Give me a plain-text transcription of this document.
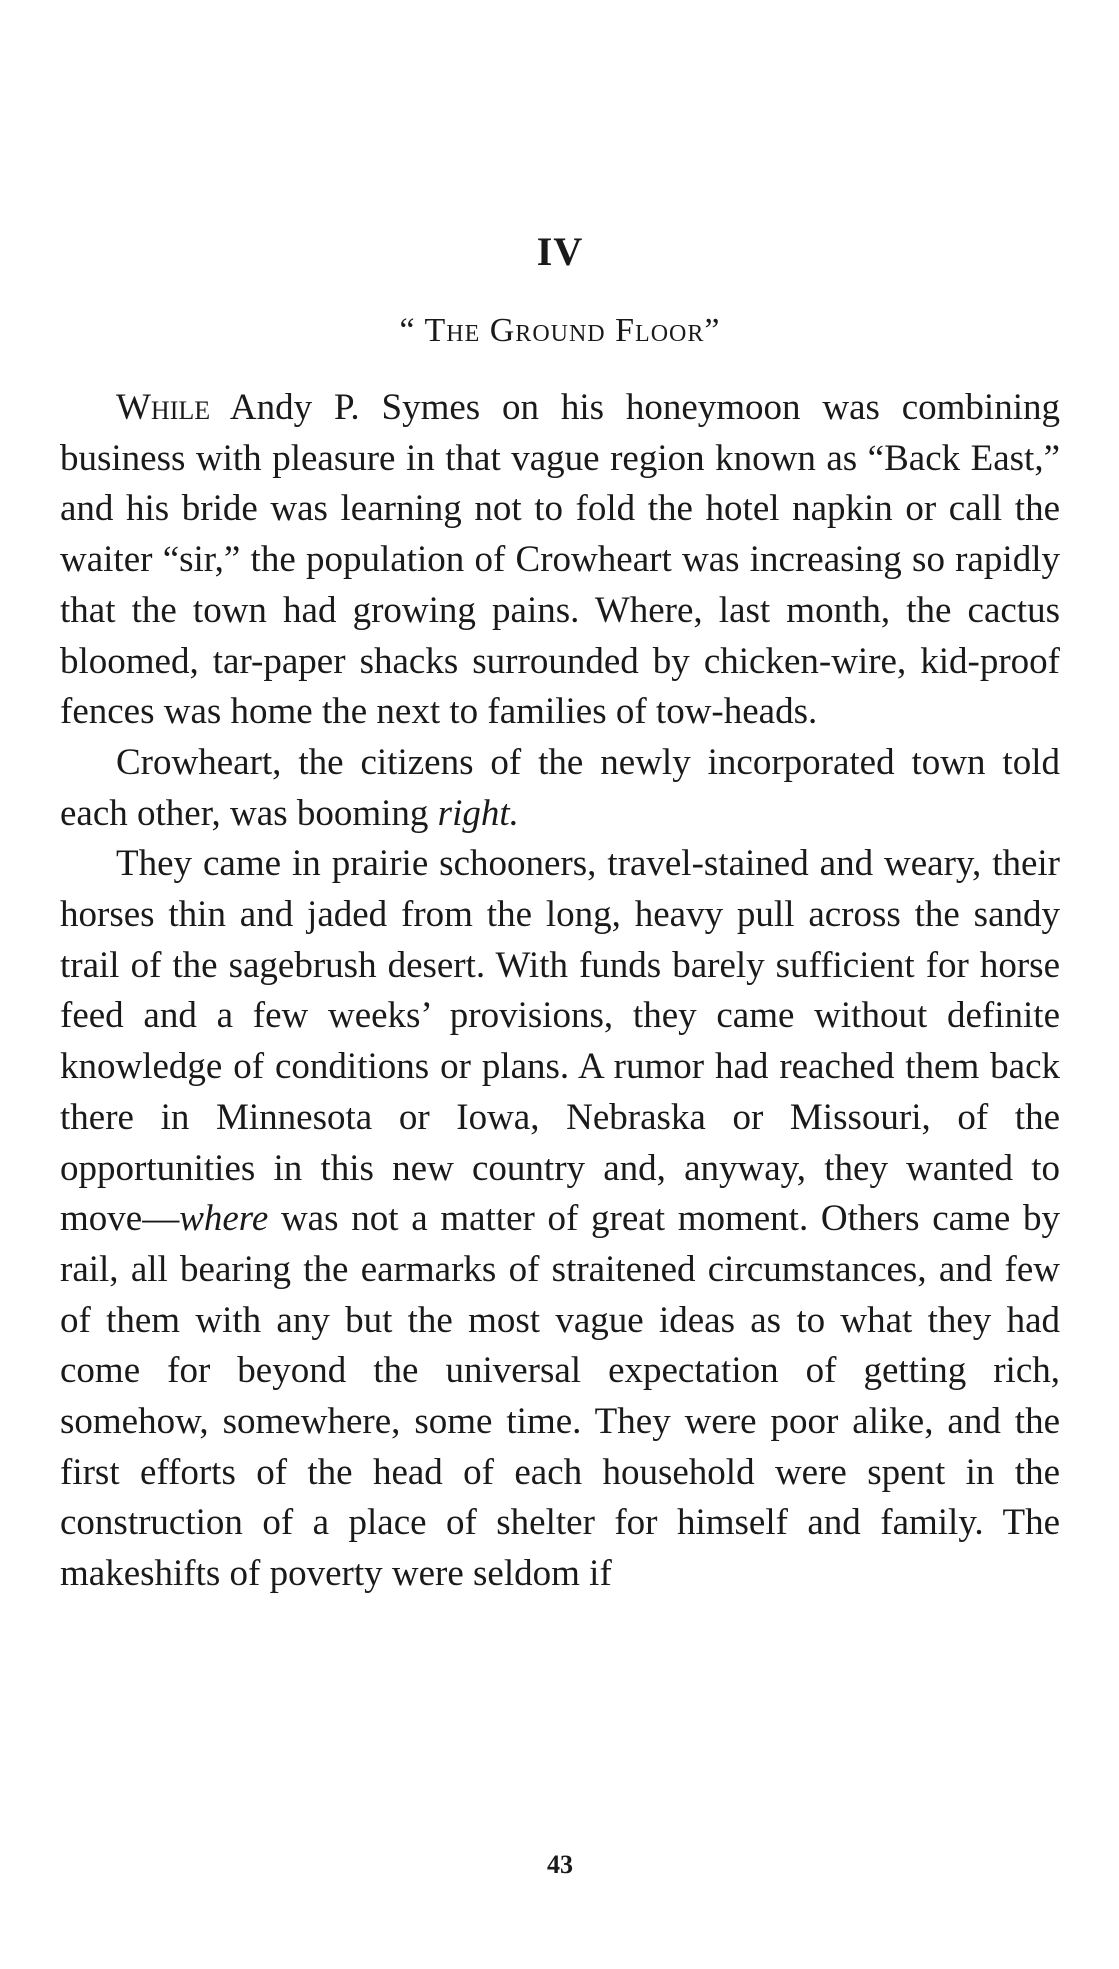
IV
“ The Ground Floor”

While Andy P. Symes on his honeymoon was combining business with pleasure in that vague region known as “Back East,” and his bride was learning not to fold the hotel napkin or call the waiter “sir,” the population of Crowheart was increasing so rapidly that the town had growing pains. Where, last month, the cactus bloomed, tar-paper shacks surrounded by chicken-wire, kid-proof fences was home the next to families of tow-heads.

Crowheart, the citizens of the newly incorporated town told each other, was booming right.

They came in prairie schooners, travel-stained and weary, their horses thin and jaded from the long, heavy pull across the sandy trail of the sagebrush desert. With funds barely sufficient for horse feed and a few weeks’ provisions, they came without definite knowledge of conditions or plans. A rumor had reached them back there in Minnesota or Iowa, Nebraska or Missouri, of the opportunities in this new country and, anyway, they wanted to move—where was not a matter of great moment. Others came by rail, all bearing the earmarks of straitened circumstances, and few of them with any but the most vague ideas as to what they had come for beyond the universal expectation of getting rich, somehow, somewhere, some time. They were poor alike, and the first efforts of the head of each household were spent in the construction of a place of shelter for himself and family. The makeshifts of poverty were seldom if

43
